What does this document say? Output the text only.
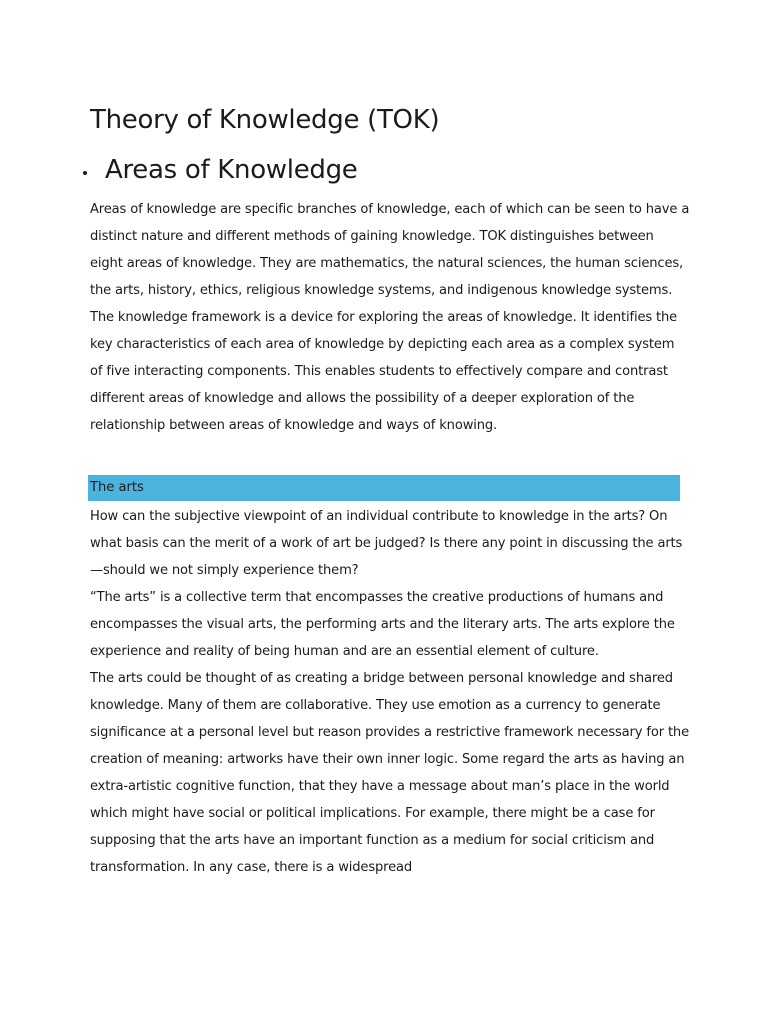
Theory of Knowledge (TOK)
Areas of Knowledge

Areas of knowledge are specific branches of knowledge, each of which can be seen to have a distinct nature and different methods of gaining knowledge. TOK distinguishes between eight areas of knowledge. They are mathematics, the natural sciences, the human sciences, the arts, history, ethics, religious knowledge systems, and indigenous knowledge systems.

The knowledge framework is a device for exploring the areas of knowledge. It identifies the key characteristics of each area of knowledge by depicting each area as a complex system of five interacting components. This enables students to effectively compare and contrast different areas of knowledge and allows the possibility of a deeper exploration of the relationship between areas of knowledge and ways of knowing.

The arts

How can the subjective viewpoint of an individual contribute to knowledge in the arts? On what basis can the merit of a work of art be judged? Is there any point in discussing the arts—should we not simply experience them?

“The arts” is a collective term that encompasses the creative productions of humans and encompasses the visual arts, the performing arts and the literary arts. The arts explore the experience and reality of being human and are an essential element of culture.

The arts could be thought of as creating a bridge between personal knowledge and shared knowledge. Many of them are collaborative. They use emotion as a currency to generate significance at a personal level but reason provides a restrictive framework necessary for the creation of meaning: artworks have their own inner logic. Some regard the arts as having an extra-artistic cognitive function, that they have a message about man’s place in the world which might have social or political implications. For example, there might be a case for supposing that the arts have an important function as a medium for social criticism and transformation. In any case, there is a widespread
